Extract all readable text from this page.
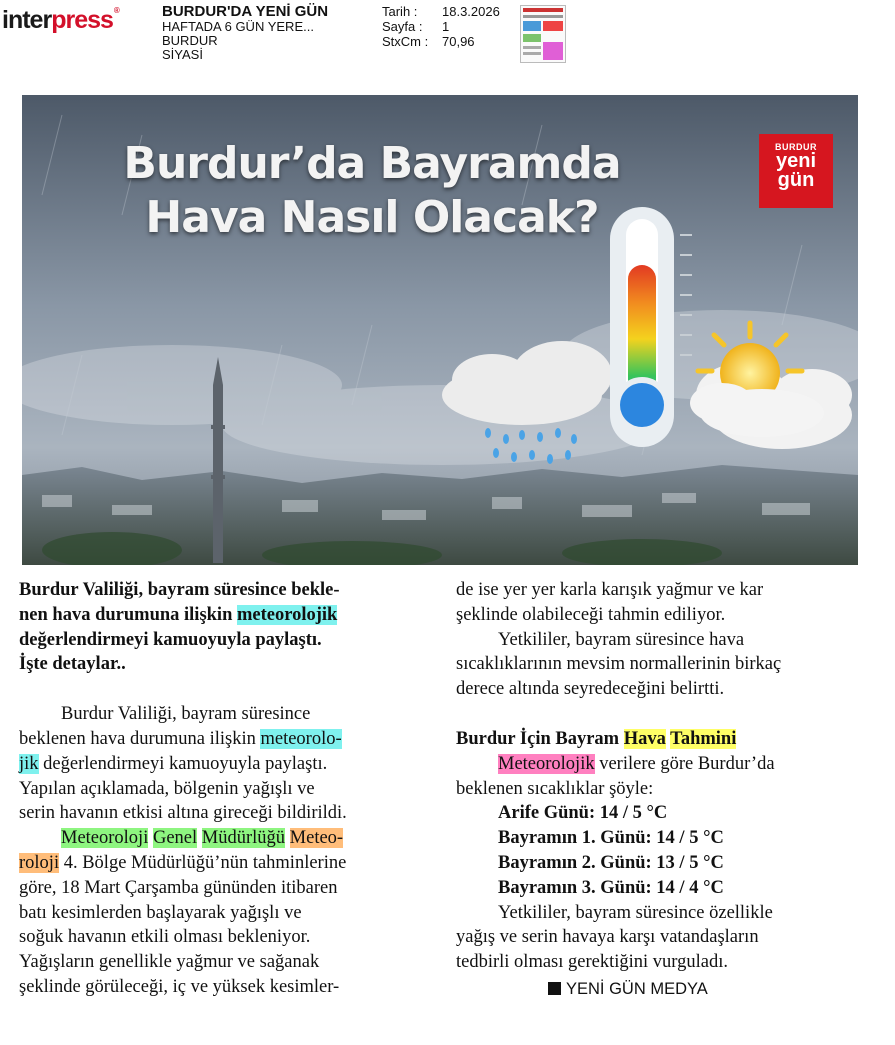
interpress®	BURDUR'DA YENİ GÜN
HAFTADA 6 GÜN YERE...
BURDUR
SİYASİ
Tarih :	18.3.2026
Sayfa :	1
StxCm :	70,96
Burdur’da Bayramda
Hava Nasıl Olacak?
BURDUR
yeni
gün

Burdur Valiliği, bayram süresince bekle-
nen hava durumuna ilişkin meteorolojik
değerlendirmeyi kamuoyuyla paylaştı.
İşte detaylar..

Burdur Valiliği, bayram süresince
beklenen hava durumuna ilişkin meteorolo-
jik değerlendirmeyi kamuoyuyla paylaştı.
Yapılan açıklamada, bölgenin yağışlı ve
serin havanın etkisi altına gireceği bildirildi.

Meteoroloji Genel Müdürlüğü Meteo-
roloji 4. Bölge Müdürlüğü’nün tahminlerine
göre, 18 Mart Çarşamba gününden itibaren
batı kesimlerden başlayarak yağışlı ve
soğuk havanın etkili olması bekleniyor.
Yağışların genellikle yağmur ve sağanak
şeklinde görüleceği, iç ve yüksek kesimler-

de ise yer yer karla karışık yağmur ve kar
şeklinde olabileceği tahmin ediliyor.

Yetkililer, bayram süresince hava
sıcaklıklarının mevsim normallerinin birkaç
derece altında seyredeceğini belirtti.

Burdur İçin Bayram Hava Tahmini

Meteorolojik verilere göre Burdur’da
beklenen sıcaklıklar şöyle:

Arife Günü: 14 / 5 °C

Bayramın 1. Günü: 14 / 5 °C

Bayramın 2. Günü: 13 / 5 °C

Bayramın 3. Günü: 14 / 4 °C

Yetkililer, bayram süresince özellikle
yağış ve serin havaya karşı vatandaşların
tedbirli olması gerektiğini vurguladı.

YENİ GÜN MEDYA
